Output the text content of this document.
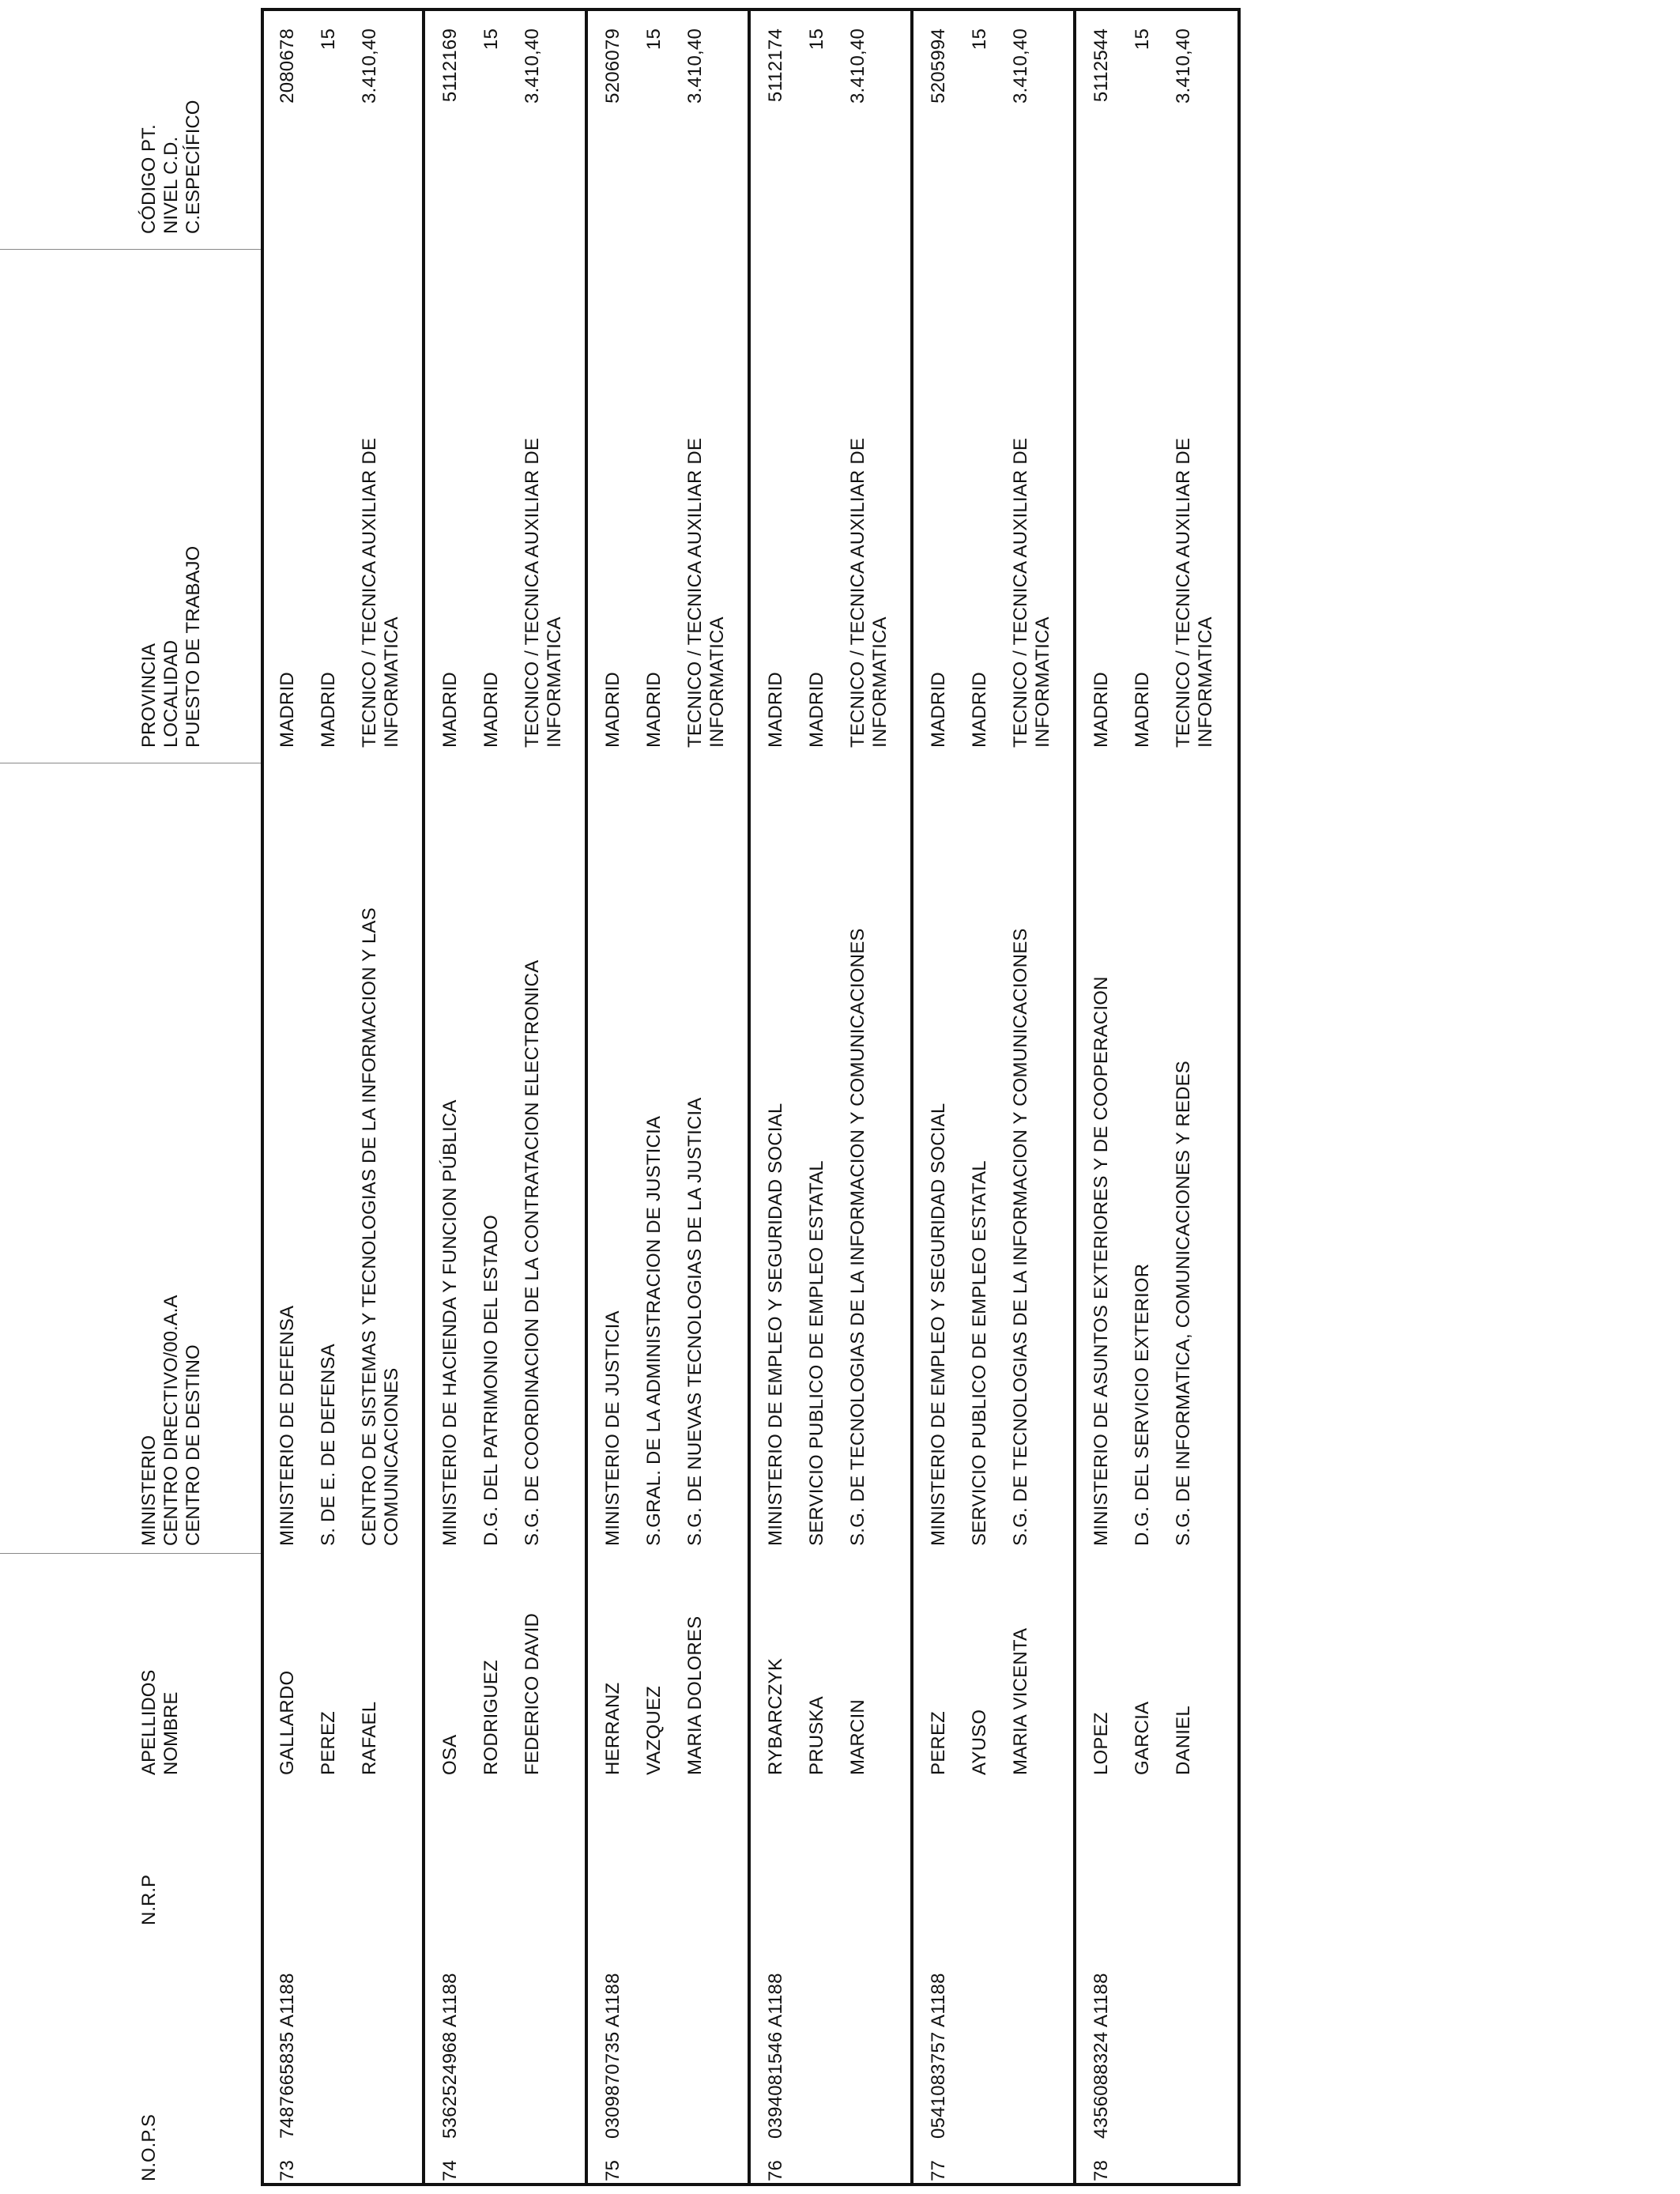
N.O.P.S
N.R.P
APELLIDOS NOMBRE
MINISTERIO CENTRO DIRECTIVO/00.A.A CENTRO DE DESTINO
PROVINCIA LOCALIDAD PUESTO DE TRABAJO
CÓDIGO PT. NIVEL C.D. C.ESPECÍFICO
73
7487665835 A1188
GALLARDO PEREZ RAFAEL
MINISTERIO DE DEFENSA S. DE E. DE DEFENSA CENTRO DE SISTEMAS Y TECNOLOGIAS DE LA INFORMACION Y LAS COMUNICACIONES
MADRID MADRID TECNICO / TECNICA AUXILIAR DE INFORMATICA
2080678 15 3.410,40
74
5362524968 A1188
OSA RODRIGUEZ FEDERICO DAVID
MINISTERIO DE HACIENDA Y FUNCION PÚBLICA D.G. DEL PATRIMONIO DEL ESTADO S.G. DE COORDINACION DE LA CONTRATACION ELECTRONICA
MADRID MADRID TECNICO / TECNICA AUXILIAR DE INFORMATICA
5112169 15 3.410,40
75
0309870735 A1188
HERRANZ VAZQUEZ MARIA DOLORES
MINISTERIO DE JUSTICIA S.GRAL. DE LA ADMINISTRACION DE JUSTICIA S.G. DE NUEVAS TECNOLOGIAS DE LA JUSTICIA
MADRID MADRID TECNICO / TECNICA AUXILIAR DE INFORMATICA
5206079 15 3.410,40
76
0394081546 A1188
RYBARCZYK PRUSKA MARCIN
MINISTERIO DE EMPLEO Y SEGURIDAD SOCIAL SERVICIO PUBLICO DE EMPLEO ESTATAL S.G. DE TECNOLOGIAS DE LA INFORMACION Y COMUNICACIONES
MADRID MADRID TECNICO / TECNICA AUXILIAR DE INFORMATICA
5112174 15 3.410,40
77
0541083757 A1188
PEREZ AYUSO MARIA VICENTA
MINISTERIO DE EMPLEO Y SEGURIDAD SOCIAL SERVICIO PUBLICO DE EMPLEO ESTATAL S.G. DE TECNOLOGIAS DE LA INFORMACION Y COMUNICACIONES
MADRID MADRID TECNICO / TECNICA AUXILIAR DE INFORMATICA
5205994 15 3.410,40
78
4356088324 A1188
LOPEZ GARCIA DANIEL
MINISTERIO DE ASUNTOS EXTERIORES Y DE COOPERACION D.G. DEL SERVICIO EXTERIOR S.G. DE INFORMATICA, COMUNICACIONES Y REDES
MADRID MADRID TECNICO / TECNICA AUXILIAR DE INFORMATICA
5112544 15 3.410,40
